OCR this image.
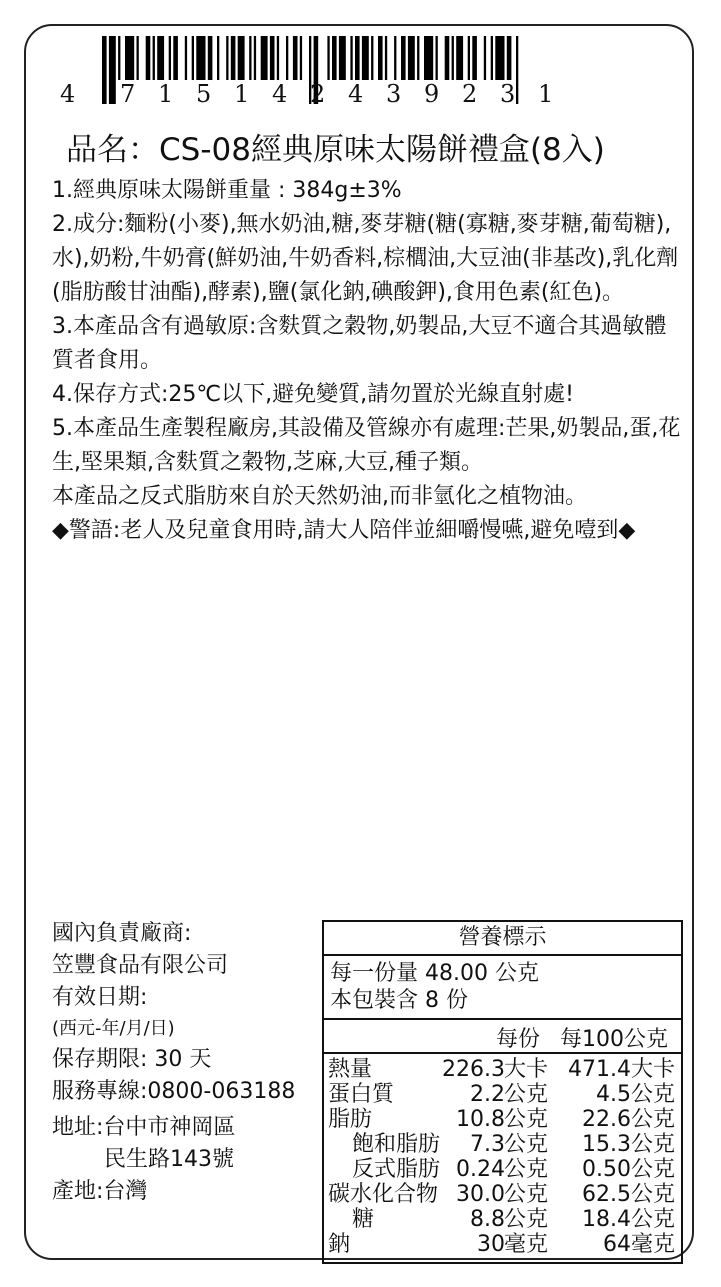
4 7 1 5 1 4 2 4 3 9 2 3 1
品名：CS-08經典原味太陽餅禮盒(8入)

1.經典原味太陽餅重量 : 384g±3%

2.成分:麵粉(小麥),無水奶油,糖,麥芽糖(糖(寡糖,麥芽糖,葡萄糖),水),奶粉,牛奶膏(鮮奶油,牛奶香料,棕櫚油,大豆油(非基改),乳化劑(脂肪酸甘油酯),酵素),鹽(氯化鈉,碘酸鉀),食用色素(紅色)。

3.本產品含有過敏原:含麩質之穀物,奶製品,大豆不適合其過敏體質者食用。

4.保存方式:25℃以下,避免變質,請勿置於光線直射處!

5.本產品生產製程廠房,其設備及管線亦有處理:芒果,奶製品,蛋,花生,堅果類,含麩質之穀物,芝麻,大豆,種子類。

本產品之反式脂肪來自於天然奶油,而非氫化之植物油。

◆警語:老人及兒童食用時,請大人陪伴並細嚼慢嚥,避免噎到◆

國內負責廠商:
笠豐食品有限公司
有效日期:
(西元-年/月/日)
保存期限: 30 天
服務專線:0800-063188
地址:台中市神岡區
民生路143號
產地:台灣
營養標示
每一份量 48.00 公克
本包裝含 8 份
每份 每100公克
熱量	226.3 大卡 471.4 大卡
蛋白質	2.2 公克 4.5 公克
脂肪	10.8 公克 22.6 公克
飽和脂肪 7.3 公克 15.3 公克
反式脂肪 0.24 公克 0.50 公克
碳水化合物 30.0 公克 62.5 公克
糖	8.8 公克 18.4 公克
鈉	30 毫克 64 毫克
